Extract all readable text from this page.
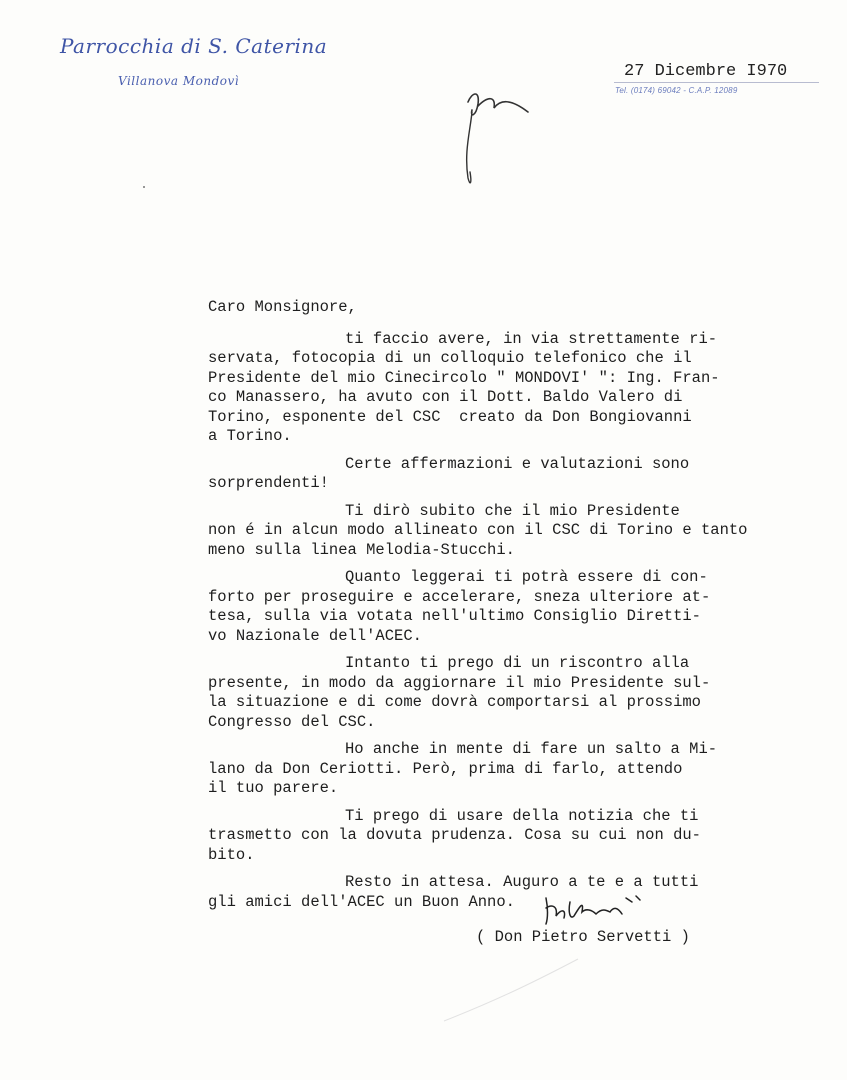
Parrocchia di S. Caterina
Villanova Mondovì	27 Dicembre I970
Tel. (0174) 69042 - C.A.P. 12089
Caro Monsignore,
ti faccio avere, in via strettamente ri-
servata, fotocopia di un colloquio telefonico che il
Presidente del mio Cinecircolo " MONDOVI' ": Ing. Fran-
co Manassero, ha avuto con il Dott. Baldo Valero di
Torino, esponente del CSC  creato da Don Bongiovanni
a Torino.
Certe affermazioni e valutazioni sono
sorprendenti!
Ti dirò subito che il mio Presidente
non é in alcun modo allineato con il CSC di Torino e tanto
meno sulla linea Melodia-Stucchi.
Quanto leggerai ti potrà essere di con-
forto per proseguire e accelerare, sneza ulteriore at-
tesa, sulla via votata nell'ultimo Consiglio Diretti-
vo Nazionale dell'ACEC.
Intanto ti prego di un riscontro alla
presente, in modo da aggiornare il mio Presidente sul-
la situazione e di come dovrà comportarsi al prossimo
Congresso del CSC.
Ho anche in mente di fare un salto a Mi-
lano da Don Ceriotti. Però, prima di farlo, attendo
il tuo parere.
Ti prego di usare della notizia che ti
trasmetto con la dovuta prudenza. Cosa su cui non du-
bito.
Resto in attesa. Auguro a te e a tutti
gli amici dell'ACEC un Buon Anno.
( Don Pietro Servetti )
